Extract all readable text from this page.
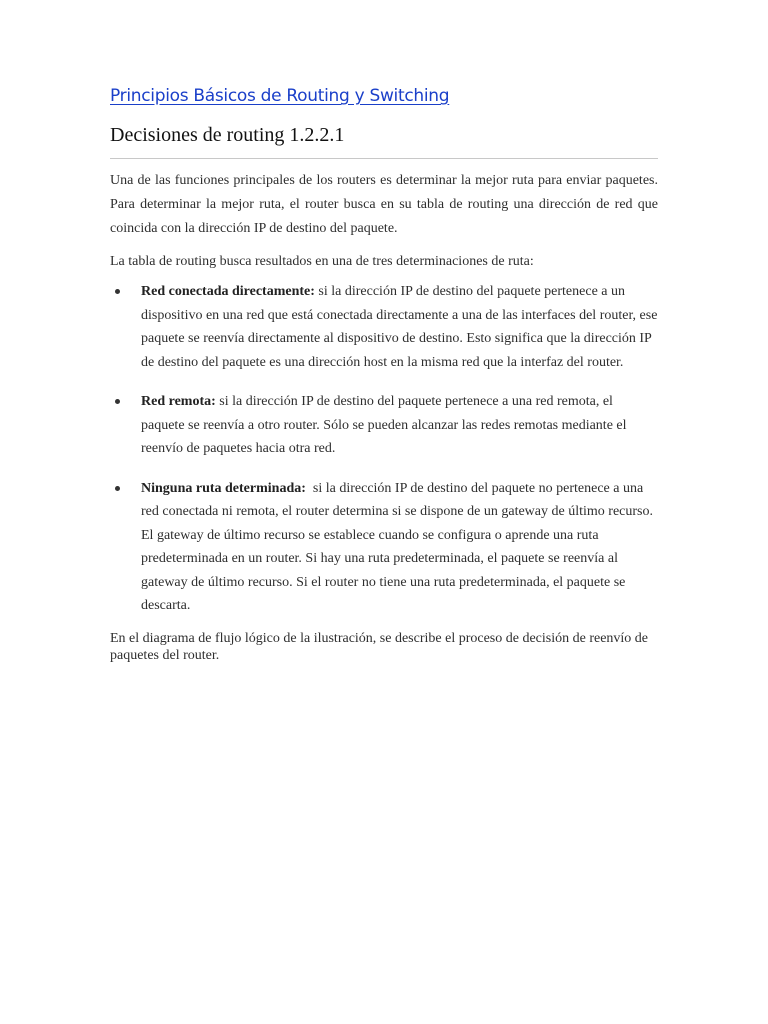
Principios Básicos de Routing y Switching
Decisiones de routing 1.2.2.1

Una de las funciones principales de los routers es determinar la mejor ruta para enviar paquetes. Para determinar la mejor ruta, el router busca en su tabla de routing una dirección de red que coincida con la dirección IP de destino del paquete.

La tabla de routing busca resultados en una de tres determinaciones de ruta:

Red conectada directamente: si la dirección IP de destino del paquete pertenece a un dispositivo en una red que está conectada directamente a una de las interfaces del router, ese paquete se reenvía directamente al dispositivo de destino. Esto significa que la dirección IP de destino del paquete es una dirección host en la misma red que la interfaz del router.
Red remota: si la dirección IP de destino del paquete pertenece a una red remota, el paquete se reenvía a otro router. Sólo se pueden alcanzar las redes remotas mediante el reenvío de paquetes hacia otra red.
Ninguna ruta determinada:  si la dirección IP de destino del paquete no pertenece a una red conectada ni remota, el router determina si se dispone de un gateway de último recurso. El gateway de último recurso se establece cuando se configura o aprende una ruta predeterminada en un router. Si hay una ruta predeterminada, el paquete se reenvía al gateway de último recurso. Si el router no tiene una ruta predeterminada, el paquete se descarta.

En el diagrama de flujo lógico de la ilustración, se describe el proceso de decisión de reenvío de paquetes del router.
